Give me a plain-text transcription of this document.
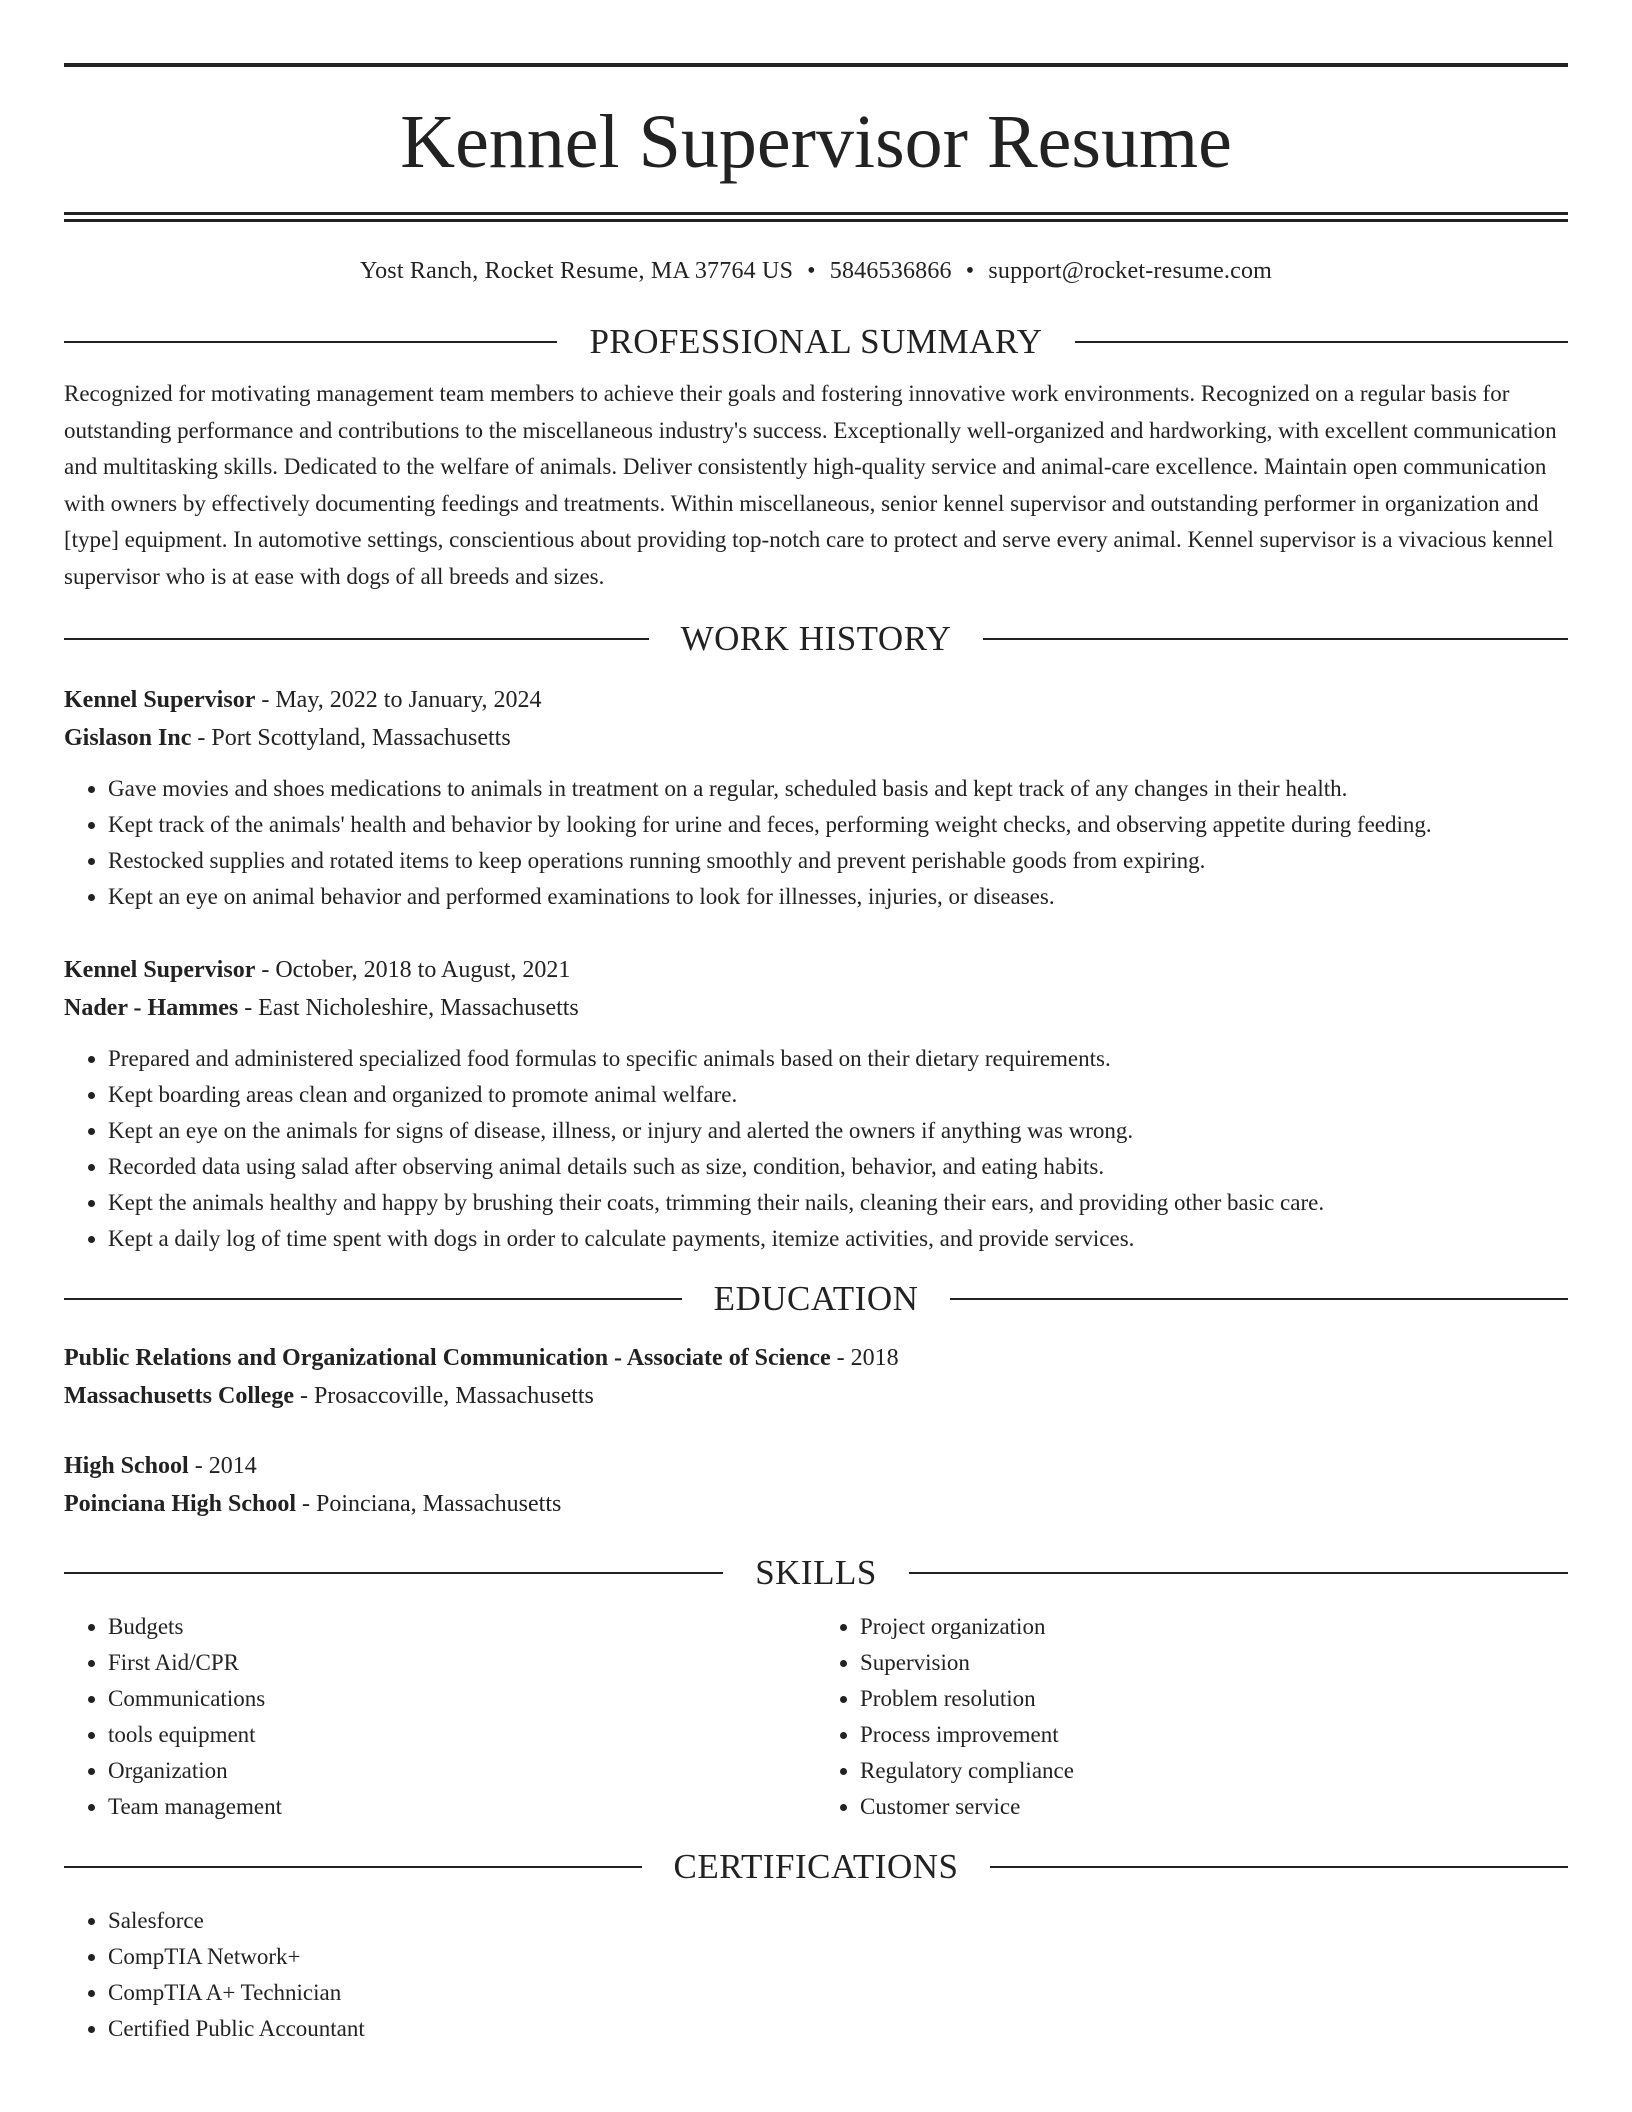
Kennel Supervisor Resume
Yost Ranch, Rocket Resume, MA 37764 US • 5846536866 • support@rocket-resume.com
PROFESSIONAL SUMMARY

Recognized for motivating management team members to achieve their goals and fostering innovative work environments. Recognized on a regular basis for outstanding performance and contributions to the miscellaneous industry's success. Exceptionally well-organized and hardworking, with excellent communication and multitasking skills. Dedicated to the welfare of animals. Deliver consistently high-quality service and animal-care excellence. Maintain open communication with owners by effectively documenting feedings and treatments. Within miscellaneous, senior kennel supervisor and outstanding performer in organization and [type] equipment. In automotive settings, conscientious about providing top-notch care to protect and serve every animal. Kennel supervisor is a vivacious kennel supervisor who is at ease with dogs of all breeds and sizes.

WORK HISTORY
Kennel Supervisor - May, 2022 to January, 2024
Gislason Inc - Port Scottyland, Massachusetts
• Gave movies and shoes medications to animals in treatment on a regular, scheduled basis and kept track of any changes in their health.
• Kept track of the animals' health and behavior by looking for urine and feces, performing weight checks, and observing appetite during feeding.
• Restocked supplies and rotated items to keep operations running smoothly and prevent perishable goods from expiring.
• Kept an eye on animal behavior and performed examinations to look for illnesses, injuries, or diseases.
Kennel Supervisor - October, 2018 to August, 2021
Nader - Hammes - East Nicholeshire, Massachusetts
• Prepared and administered specialized food formulas to specific animals based on their dietary requirements.
• Kept boarding areas clean and organized to promote animal welfare.
• Kept an eye on the animals for signs of disease, illness, or injury and alerted the owners if anything was wrong.
• Recorded data using salad after observing animal details such as size, condition, behavior, and eating habits.
• Kept the animals healthy and happy by brushing their coats, trimming their nails, cleaning their ears, and providing other basic care.
• Kept a daily log of time spent with dogs in order to calculate payments, itemize activities, and provide services.
EDUCATION
Public Relations and Organizational Communication - Associate of Science - 2018
Massachusetts College - Prosaccoville, Massachusetts
High School - 2014
Poinciana High School - Poinciana, Massachusetts
SKILLS
• Budgets
• First Aid/CPR
• Communications
• tools equipment
• Organization
• Team management
• Project organization
• Supervision
• Problem resolution
• Process improvement
• Regulatory compliance
• Customer service
CERTIFICATIONS
• Salesforce
• CompTIA Network+
• CompTIA A+ Technician
• Certified Public Accountant
